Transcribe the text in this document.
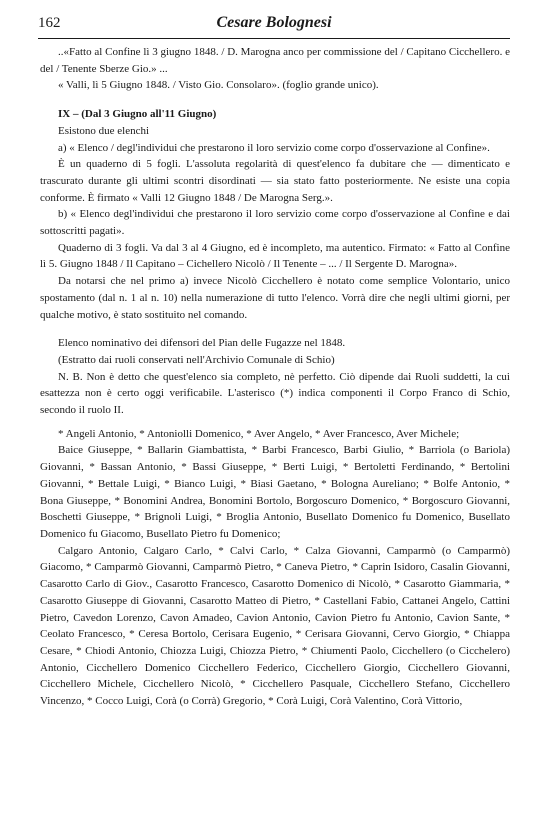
162	Cesare Bolognesi

..«Fatto al Confine lì 3 giugno 1848. / D. Marogna anco per commissione del / Capitano Cicchellero. e del / Tenente Sberze Gio.» ...

« Valli, lì 5 Giugno 1848. / Visto Gio. Consolaro». (foglio grande unico).

IX – (Dal 3 Giugno all'11 Giugno)

Esistono due elenchi

a) « Elenco / degl'individui che prestarono il loro servizio come corpo d'osservazione al Confine».

È un quaderno di 5 fogli. L'assoluta regolarità di quest'elenco fa dubitare che — dimenticato e trascurato durante gli ultimi scontri disordinati — sia stato fatto posteriormente. Ne esiste una copia conforme. È firmato « Valli 12 Giugno 1848 / De Marogna Serg.».

b) « Elenco degl'individui che prestarono il loro servizio come corpo d'osservazione al Confine e dai sottoscritti pagati».

Quaderno di 3 fogli. Va dal 3 al 4 Giugno, ed è incompleto, ma autentico. Firmato: « Fatto al Confine lì 5. Giugno 1848 / Il Capitano – Cichellero Nicolò / Il Tenente – ... / Il Sergente D. Marogna».

Da notarsi che nel primo a) invece Nicolò Cicchellero è notato come semplice Volontario, unico spostamento (dal n. 1 al n. 10) nella numerazione di tutto l'elenco. Vorrà dire che negli ultimi giorni, per qualche motivo, è stato sostituito nel comando.

Elenco nominativo dei difensori del Pian delle Fugazze nel 1848.

(Estratto dai ruoli conservati nell'Archivio Comunale di Schio)

N. B. Non è detto che quest'elenco sia completo, nè perfetto. Ciò dipende dai Ruoli suddetti, la cui esattezza non è certo oggi verificabile. L'asterisco (*) indica componenti il Corpo Franco di Schio, secondo il ruolo II.

* Angeli Antonio, * Antoniolli Domenico, * Aver Angelo, * Aver Francesco, Aver Michele;

Baice Giuseppe, * Ballarin Giambattista, * Barbi Francesco, Barbi Giulio, * Barriola (o Bariola) Giovanni, * Bassan Antonio, * Bassi Giuseppe, * Berti Luigi, * Bertoletti Ferdinando, * Bertolini Giovanni, * Bettale Luigi, * Bianco Luigi, * Biasi Gaetano, * Bologna Aureliano; * Bolfe Antonio, * Bona Giuseppe, * Bonomini Andrea, Bonomini Bortolo, Borgoscuro Domenico, * Borgoscuro Giovanni, Boschetti Giuseppe, * Brignoli Luigi, * Broglia Antonio, Busellato Domenico fu Domenico, Busellato Domenico fu Giacomo, Busellato Pietro fu Domenico;

Calgaro Antonio, Calgaro Carlo, * Calvi Carlo, * Calza Giovanni, Camparmò (o Camparmò) Giacomo, * Camparmò Giovanni, Camparmò Pietro, * Caneva Pietro, * Caprin Isidoro, Casalin Giovanni, Casarotto Carlo di Giov., Casarotto Francesco, Casarotto Domenico di Nicolò, * Casarotto Giammaria, * Casarotto Giuseppe di Giovanni, Casarotto Matteo di Pietro, * Castellani Fabio, Cattanei Angelo, Cattini Pietro, Cavedon Lorenzo, Cavon Amadeo, Cavion Antonio, Cavion Pietro fu Antonio, Cavion Sante, * Ceolato Francesco, * Ceresa Bortolo, Cerisara Eugenio, * Cerisara Giovanni, Cervo Giorgio, * Chiappa Cesare, * Chiodi Antonio, Chiozza Luigi, Chiozza Pietro, * Chiumenti Paolo, Cicchellero (o Cicchelero) Antonio, Cicchellero Domenico Cicchellero Federico, Cicchellero Giorgio, Cicchellero Giovanni, Cicchellero Michele, Cicchellero Nicolò, * Cicchellero Pasquale, Cicchellero Stefano, Cicchellero Vincenzo, * Cocco Luigi, Corà (o Corrà) Gregorio, * Corà Luigi, Corà Valentino, Corà Vittorio,
